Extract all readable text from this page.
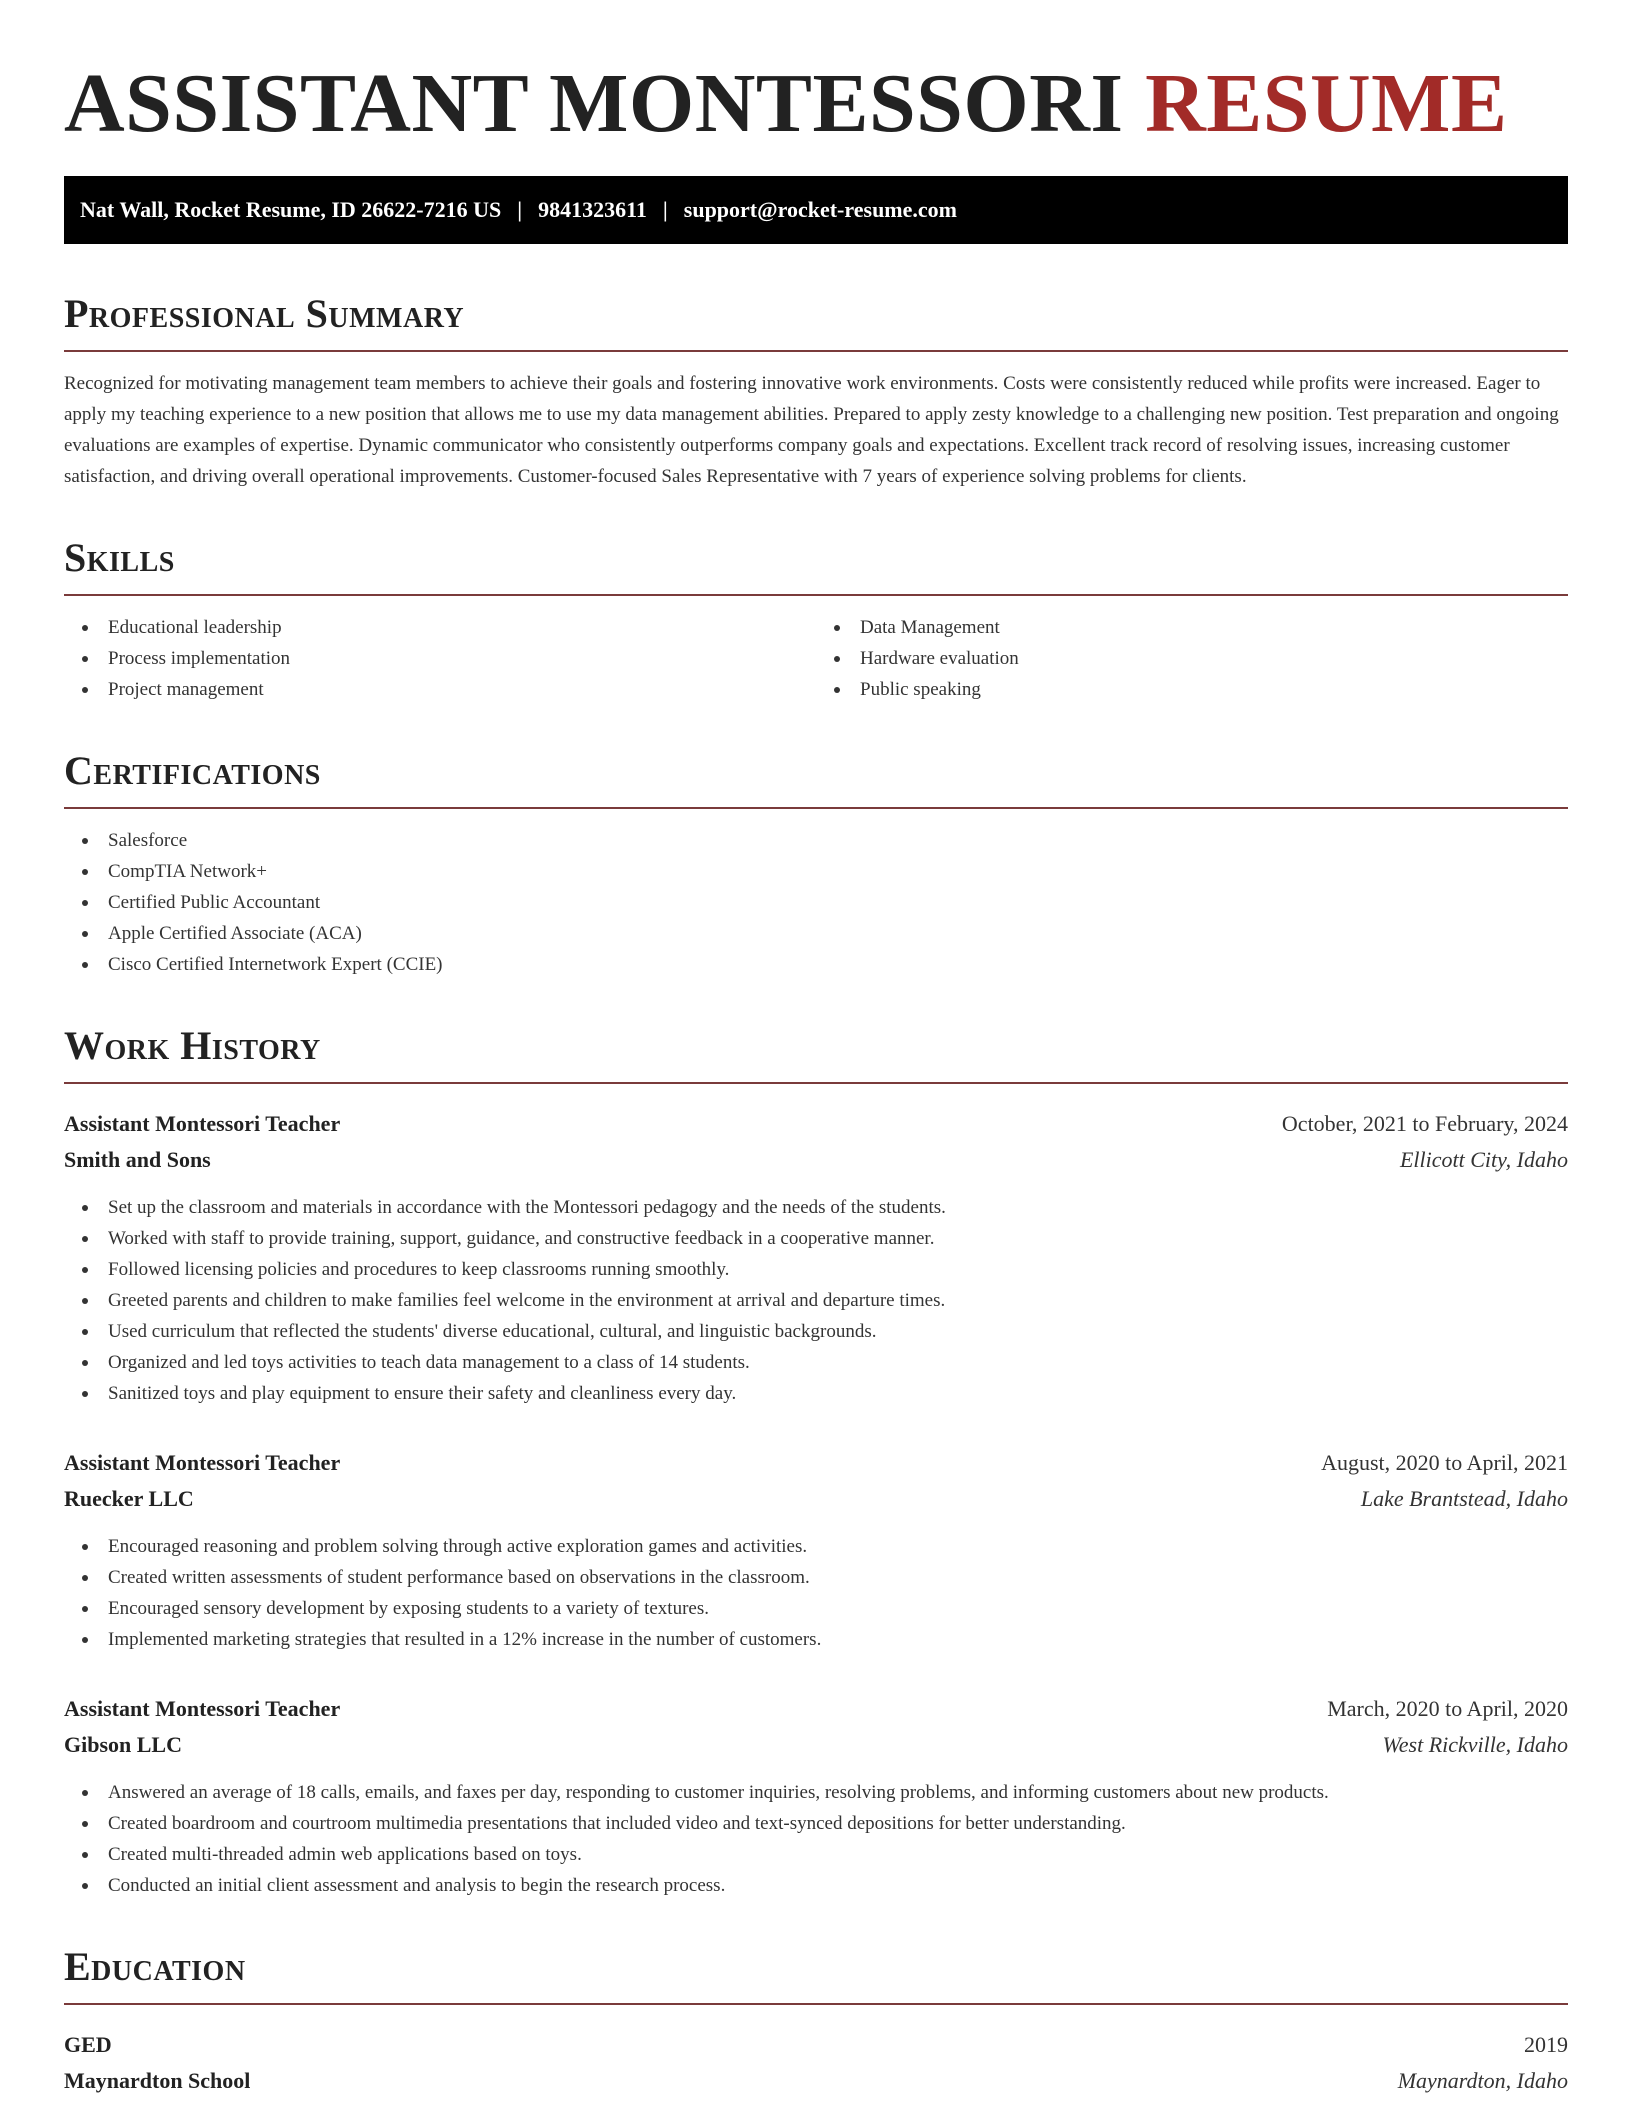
ASSISTANT MONTESSORI RESUME
Nat Wall, Rocket Resume, ID 26622-7216 US | 9841323611 | support@rocket-resume.com
Professional Summary

Recognized for motivating management team members to achieve their goals and fostering innovative work environments. Costs were consistently reduced while profits were increased. Eager to apply my teaching experience to a new position that allows me to use my data management abilities. Prepared to apply zesty knowledge to a challenging new position. Test preparation and ongoing evaluations are examples of expertise. Dynamic communicator who consistently outperforms company goals and expectations. Excellent track record of resolving issues, increasing customer satisfaction, and driving overall operational improvements. Customer-focused Sales Representative with 7 years of experience solving problems for clients.

Skills
Educational leadership
Process implementation
Project management
Data Management
Hardware evaluation
Public speaking
Certifications
Salesforce
CompTIA Network+
Certified Public Accountant
Apple Certified Associate (ACA)
Cisco Certified Internetwork Expert (CCIE)
Work History
Assistant Montessori Teacher	October, 2021 to February, 2024
Smith and Sons	Ellicott City, Idaho
Set up the classroom and materials in accordance with the Montessori pedagogy and the needs of the students.
Worked with staff to provide training, support, guidance, and constructive feedback in a cooperative manner.
Followed licensing policies and procedures to keep classrooms running smoothly.
Greeted parents and children to make families feel welcome in the environment at arrival and departure times.
Used curriculum that reflected the students' diverse educational, cultural, and linguistic backgrounds.
Organized and led toys activities to teach data management to a class of 14 students.
Sanitized toys and play equipment to ensure their safety and cleanliness every day.
Assistant Montessori Teacher	August, 2020 to April, 2021
Ruecker LLC	Lake Brantstead, Idaho
Encouraged reasoning and problem solving through active exploration games and activities.
Created written assessments of student performance based on observations in the classroom.
Encouraged sensory development by exposing students to a variety of textures.
Implemented marketing strategies that resulted in a 12% increase in the number of customers.
Assistant Montessori Teacher	March, 2020 to April, 2020
Gibson LLC	West Rickville, Idaho
Answered an average of 18 calls, emails, and faxes per day, responding to customer inquiries, resolving problems, and informing customers about new products.
Created boardroom and courtroom multimedia presentations that included video and text-synced depositions for better understanding.
Created multi-threaded admin web applications based on toys.
Conducted an initial client assessment and analysis to begin the research process.
Education
GED	2019
Maynardton School	Maynardton, Idaho
